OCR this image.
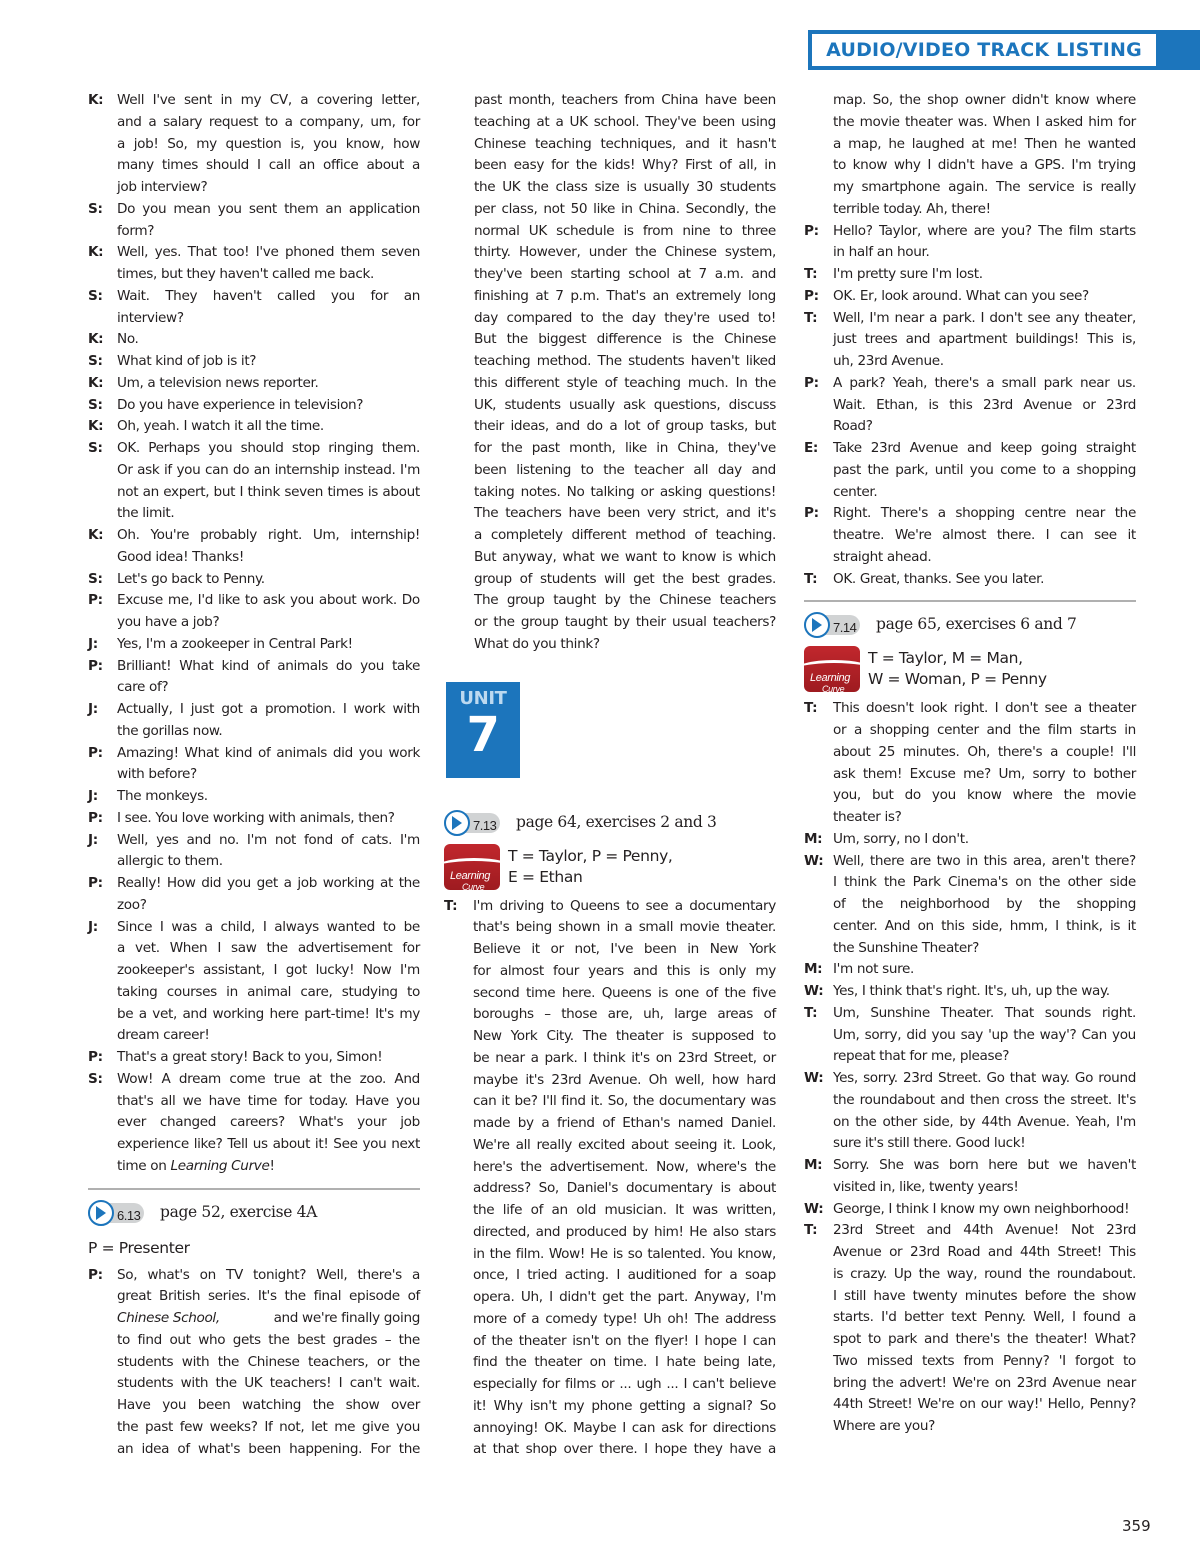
AUDIO/VIDEO TRACK LISTING
K:	Well I've sent in my CV, a covering letter,
and a salary request to a company, um, for
a job! So, my question is, you know, how
many times should I call an office about a
job interview?
S:	Do you mean you sent them an application
form?
K:	Well, yes. That too! I've phoned them seven
times, but they haven't called me back.
S:	Wait. They haven't called you for an
interview?
K:	No.
S:	What kind of job is it?
K:	Um, a television news reporter.
S:	Do you have experience in television?
K:	Oh, yeah. I watch it all the time.
S:	OK. Perhaps you should stop ringing them.
Or ask if you can do an internship instead. I'm
not an expert, but I think seven times is about
the limit.
K:	Oh. You're probably right. Um, internship!
Good idea! Thanks!
S:	Let's go back to Penny.
P:	Excuse me, I'd like to ask you about work. Do
you have a job?
J:	Yes, I'm a zookeeper in Central Park!
P:	Brilliant! What kind of animals do you take
care of?
J:	Actually, I just got a promotion. I work with
the gorillas now.
P:	Amazing! What kind of animals did you work
with before?
J:	The monkeys.
P:	I see. You love working with animals, then?
J:	Well, yes and no. I'm not fond of cats. I'm
allergic to them.
P:	Really! How did you get a job working at the
zoo?
J:	Since I was a child, I always wanted to be
a vet. When I saw the advertisement for
zookeeper's assistant, I got lucky! Now I'm
taking courses in animal care, studying to
be a vet, and working here part-time! It's my
dream career!
P:	That's a great story! Back to you, Simon!
S:	Wow! A dream come true at the zoo. And
that's all we have time for today. Have you
ever changed careers? What's your job
experience like? Tell us about it! See you next
time on Learning Curve!
6.13 page 52, exercise 4A
P = Presenter
P:	So, what's on TV tonight? Well, there's a
great British series. It's the final episode of
Chinese School,	and we're finally going
to find out who gets the best grades – the
students with the Chinese teachers, or the
students with the UK teachers! I can't wait.
Have you been watching the show over
the past few weeks? If not, let me give you
an idea of what's been happening. For the
past month, teachers from China have been
teaching at a UK school. They've been using
Chinese teaching techniques, and it hasn't
been easy for the kids! Why? First of all, in
the UK the class size is usually 30 students
per class, not 50 like in China. Secondly, the
normal UK schedule is from nine to three
thirty. However, under the Chinese system,
they've been starting school at 7 a.m. and
finishing at 7 p.m. That's an extremely long
day compared to the day they're used to!
But the biggest difference is the Chinese
teaching method. The students haven't liked
this different style of teaching much. In the
UK, students usually ask questions, discuss
their ideas, and do a lot of group tasks, but
for the past month, like in China, they've
been listening to the teacher all day and
taking notes. No talking or asking questions!
The teachers have been very strict, and it's
a completely different method of teaching.
But anyway, what we want to know is which
group of students will get the best grades.
The group taught by the Chinese teachers
or the group taught by their usual teachers?
What do you think?
UNIT
7
7.13 page 64, exercises 2 and 3
Learning
Curve
T = Taylor, P = Penny,
E = Ethan
T:	I'm driving to Queens to see a documentary
that's being shown in a small movie theater.
Believe it or not, I've been in New York
for almost four years and this is only my
second time here. Queens is one of the five
boroughs – those are, uh, large areas of
New York City. The theater is supposed to
be near a park. I think it's on 23rd Street, or
maybe it's 23rd Avenue. Oh well, how hard
can it be? I'll find it. So, the documentary was
made by a friend of Ethan's named Daniel.
We're all really excited about seeing it. Look,
here's the advertisement. Now, where's the
address? So, Daniel's documentary is about
the life of an old musician. It was written,
directed, and produced by him! He also stars
in the film. Wow! He is so talented. You know,
once, I tried acting. I auditioned for a soap
opera. Uh, I didn't get the part. Anyway, I'm
more of a comedy type! Uh oh! The address
of the theater isn't on the flyer! I hope I can
find the theater on time. I hate being late,
especially for films or ... ugh ... I can't believe
it! Why isn't my phone getting a signal? So
annoying! OK. Maybe I can ask for directions
at that shop over there. I hope they have a
map. So, the shop owner didn't know where
the movie theater was. When I asked him for
a map, he laughed at me! Then he wanted
to know why I didn't have a GPS. I'm trying
my smartphone again. The service is really
terrible today. Ah, there!
P:	Hello? Taylor, where are you? The film starts
in half an hour.
T:	I'm pretty sure I'm lost.
P:	OK. Er, look around. What can you see?
T:	Well, I'm near a park. I don't see any theater,
just trees and apartment buildings! This is,
uh, 23rd Avenue.
P:	A park? Yeah, there's a small park near us.
Wait. Ethan, is this 23rd Avenue or 23rd
Road?
E:	Take 23rd Avenue and keep going straight
past the park, until you come to a shopping
center.
P:	Right. There's a shopping centre near the
theatre. We're almost there. I can see it
straight ahead.
T:	OK. Great, thanks. See you later.
7.14 page 65, exercises 6 and 7
Learning
Curve
T = Taylor, M = Man,
W = Woman, P = Penny
T:	This doesn't look right. I don't see a theater
or a shopping center and the film starts in
about 25 minutes. Oh, there's a couple! I'll
ask them! Excuse me? Um, sorry to bother
you, but do you know where the movie
theater is?
M: Um, sorry, no I don't.
W: Well, there are two in this area, aren't there?
I think the Park Cinema's on the other side
of the neighborhood by the shopping
center. And on this side, hmm, I think, is it
the Sunshine Theater?
M: I'm not sure.
W: Yes, I think that's right. It's, uh, up the way.
T:	Um, Sunshine Theater. That sounds right.
Um, sorry, did you say 'up the way'? Can you
repeat that for me, please?
W: Yes, sorry. 23rd Street. Go that way. Go round
the roundabout and then cross the street. It's
on the other side, by 44th Avenue. Yeah, I'm
sure it's still there. Good luck!
M: Sorry. She was born here but we haven't
visited in, like, twenty years!
W: George, I think I know my own neighborhood!
T:	23rd Street and 44th Avenue! Not 23rd
Avenue or 23rd Road and 44th Street! This
is crazy. Up the way, round the roundabout.
I still have twenty minutes before the show
starts. I'd better text Penny. Well, I found a
spot to park and there's the theater! What?
Two missed texts from Penny? 'I forgot to
bring the advert! We're on 23rd Avenue near
44th Street! We're on our way!' Hello, Penny?
Where are you?
359
